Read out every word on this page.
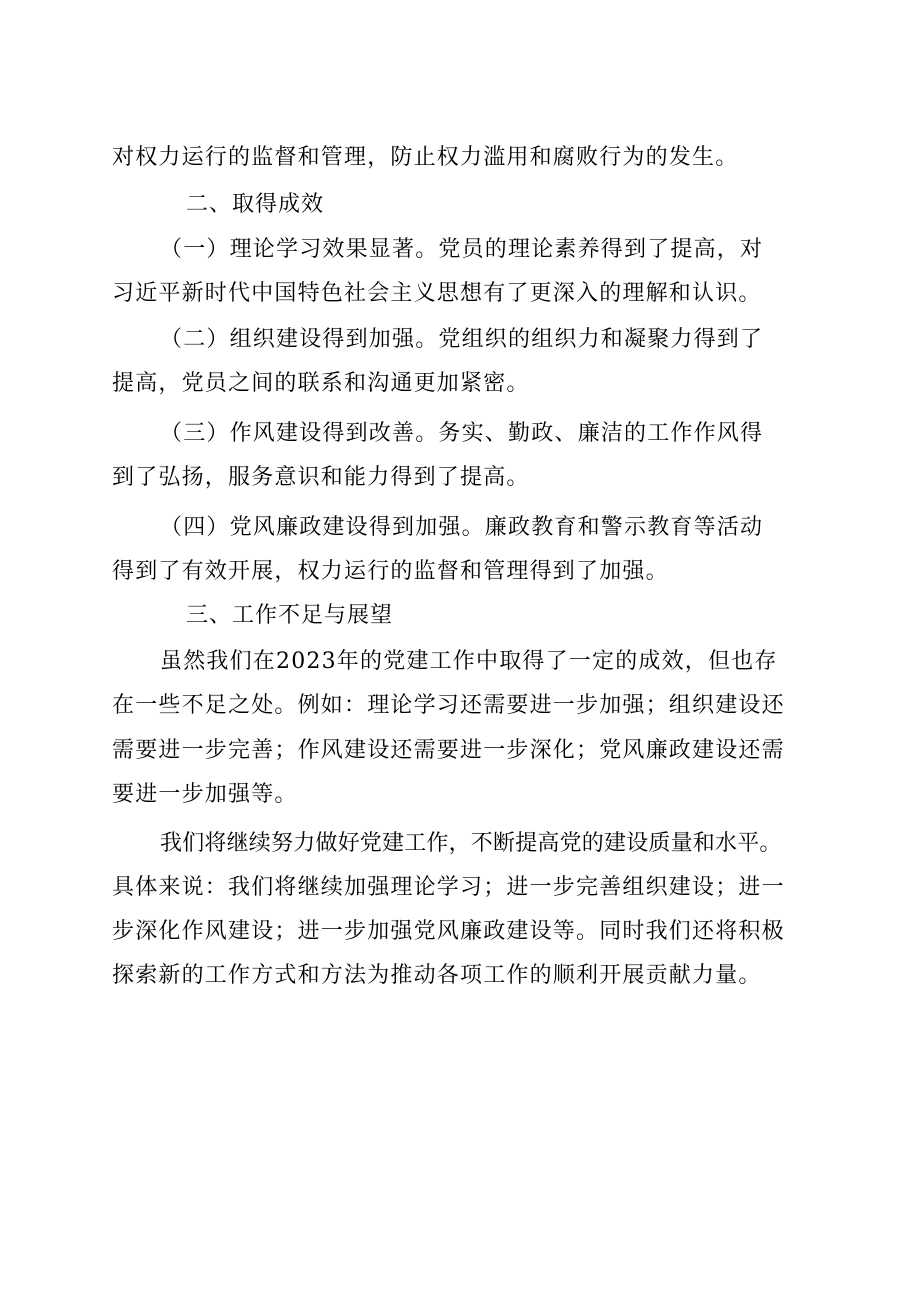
对权力运行的监督和管理，防止权力滥用和腐败行为的发生。
二、取得成效
（一）理论学习效果显著。党员的理论素养得到了提高，对
习近平新时代中国特色社会主义思想有了更深入的理解和认识。
（二）组织建设得到加强。党组织的组织力和凝聚力得到了
提高，党员之间的联系和沟通更加紧密。
（三）作风建设得到改善。务实、勤政、廉洁的工作作风得
到了弘扬，服务意识和能力得到了提高。
（四）党风廉政建设得到加强。廉政教育和警示教育等活动
得到了有效开展，权力运行的监督和管理得到了加强。
三、工作不足与展望
虽然我们在2023年的党建工作中取得了一定的成效，但也存
在一些不足之处。例如：理论学习还需要进一步加强；组织建设还
需要进一步完善；作风建设还需要进一步深化；党风廉政建设还需
要进一步加强等。
我们将继续努力做好党建工作，不断提高党的建设质量和水平。
具体来说：我们将继续加强理论学习；进一步完善组织建设；进一
步深化作风建设；进一步加强党风廉政建设等。同时我们还将积极
探索新的工作方式和方法为推动各项工作的顺利开展贡献力量。
